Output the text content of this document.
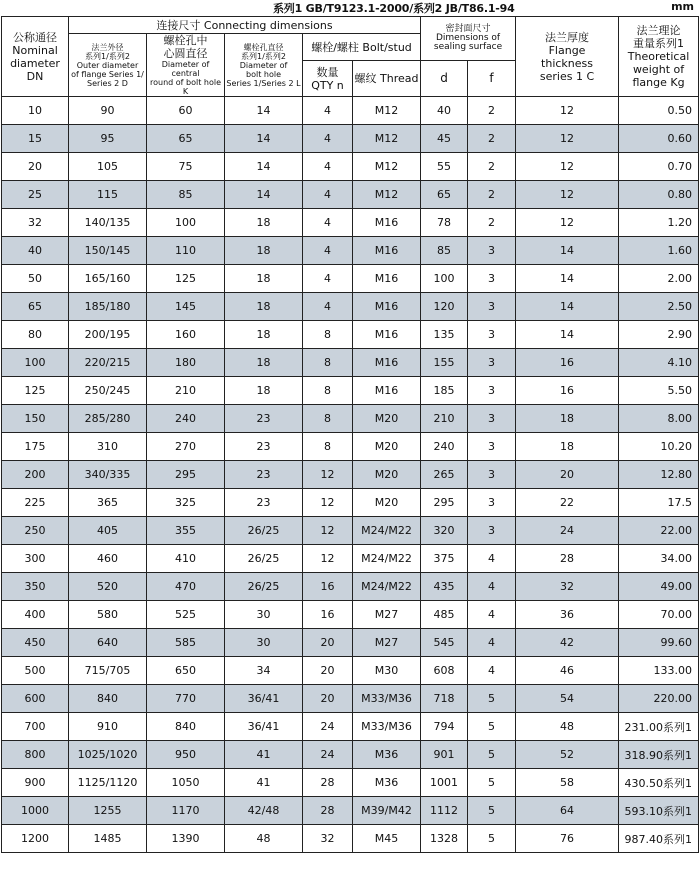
系列1 GB/T9123.1-2000/系列2 JB/T86.1-94	mm
公称通径
Nominal
diameter
DN	连接尺寸 Connecting dimensions					密封面尺寸
Dimensions of
sealing surface		法兰厚度
Flange
thickness
series 1 C	法兰理论
重量系列1
Theoretical
weight of
flange Kg

	法兰外径
系列1/系列2
Outer diameter
of flange Series 1/
Series 2 D	螺栓孔中
心圆直径
Diameter of central
round of bolt hole K	螺栓孔直径
系列1/系列2
Diameter of
bolt hole
Series 1/Series 2 L	螺栓/螺柱 Bolt/stud					

				数量
QTY n	螺纹 Thread	d	f		
10	90	60	14	4	M12	40	2	12	0.50
15	95	65	14	4	M12	45	2	12	0.60
20	105	75	14	4	M12	55	2	12	0.70
25	115	85	14	4	M12	65	2	12	0.80
32	140/135	100	18	4	M16	78	2	12	1.20
40	150/145	110	18	4	M16	85	3	14	1.60
50	165/160	125	18	4	M16	100	3	14	2.00
65	185/180	145	18	4	M16	120	3	14	2.50
80	200/195	160	18	8	M16	135	3	14	2.90
100	220/215	180	18	8	M16	155	3	16	4.10
125	250/245	210	18	8	M16	185	3	16	5.50
150	285/280	240	23	8	M20	210	3	18	8.00
175	310	270	23	8	M20	240	3	18	10.20
200	340/335	295	23	12	M20	265	3	20	12.80
225	365	325	23	12	M20	295	3	22	17.5
250	405	355	26/25	12	M24/M22	320	3	24	22.00
300	460	410	26/25	12	M24/M22	375	4	28	34.00
350	520	470	26/25	16	M24/M22	435	4	32	49.00
400	580	525	30	16	M27	485	4	36	70.00
450	640	585	30	20	M27	545	4	42	99.60
500	715/705	650	34	20	M30	608	4	46	133.00
600	840	770	36/41	20	M33/M36	718	5	54	220.00
700	910	840	36/41	24	M33/M36	794	5	48	231.00系列1
800	1025/1020	950	41	24	M36	901	5	52	318.90系列1
900	1125/1120	1050	41	28	M36	1001	5	58	430.50系列1
1000	1255	1170	42/48	28	M39/M42	1112	5	64	593.10系列1
1200	1485	1390	48	32	M45	1328	5	76	987.40系列1
